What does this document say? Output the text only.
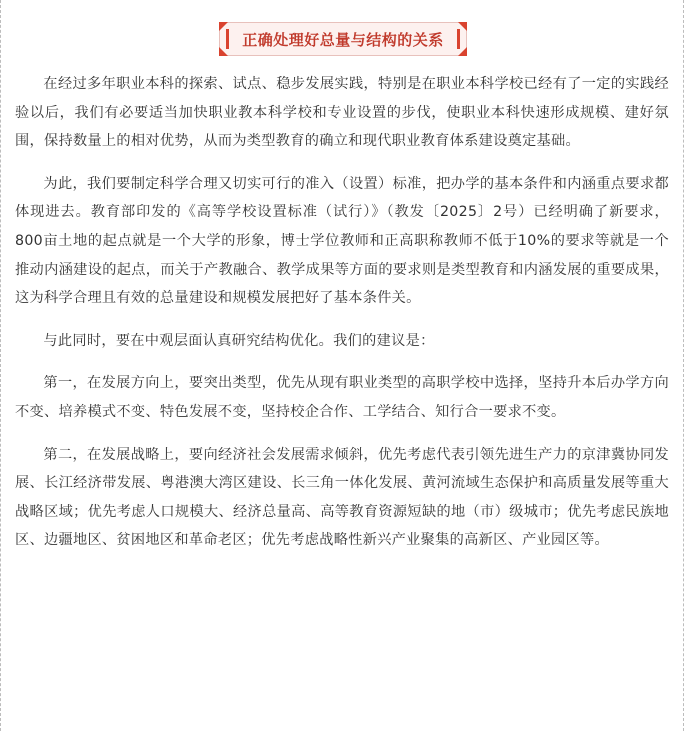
正确处理好总量与结构的关系

在经过多年职业本科的探索、试点、稳步发展实践，特别是在职业本科学校已经有了一定的实践经验以后，我们有必要适当加快职业教本科学校和专业设置的步伐，使职业本科快速形成规模、建好氛围，保持数量上的相对优势，从而为类型教育的确立和现代职业教育体系建设奠定基础。

为此，我们要制定科学合理又切实可行的准入（设置）标准，把办学的基本条件和内涵重点要求都体现进去。教育部印发的《高等学校设置标准（试行）》（教发〔2025〕2号）已经明确了新要求，800亩土地的起点就是一个大学的形象，博士学位教师和正高职称教师不低于10%的要求等就是一个推动内涵建设的起点，而关于产教融合、教学成果等方面的要求则是类型教育和内涵发展的重要成果，这为科学合理且有效的总量建设和规模发展把好了基本条件关。

与此同时，要在中观层面认真研究结构优化。我们的建议是：

第一，在发展方向上，要突出类型，优先从现有职业类型的高职学校中选择，坚持升本后办学方向不变、培养模式不变、特色发展不变，坚持校企合作、工学结合、知行合一要求不变。

第二，在发展战略上，要向经济社会发展需求倾斜，优先考虑代表引领先进生产力的京津冀协同发展、长江经济带发展、粤港澳大湾区建设、长三角一体化发展、黄河流域生态保护和高质量发展等重大战略区域；优先考虑人口规模大、经济总量高、高等教育资源短缺的地（市）级城市；优先考虑民族地区、边疆地区、贫困地区和革命老区；优先考虑战略性新兴产业聚集的高新区、产业园区等。
